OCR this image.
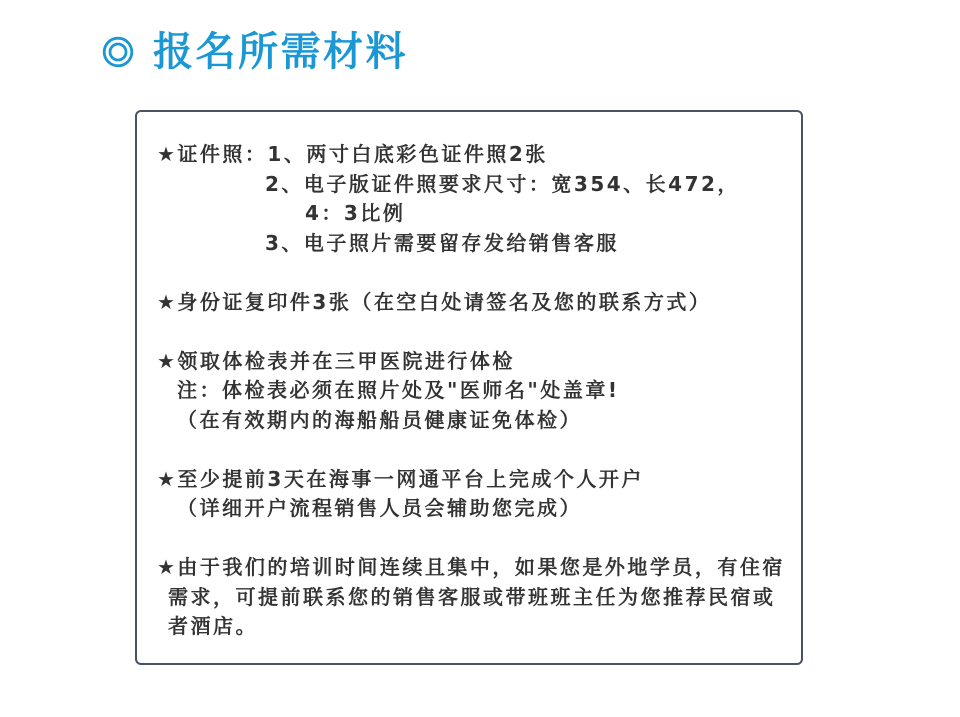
报名所需材料
★证件照：1、两寸白底彩色证件照2张
2、电子版证件照要求尺寸：宽354、长472，
4：3比例
3、电子照片需要留存发给销售客服
★身份证复印件3张（在空白处请签名及您的联系方式）
★领取体检表并在三甲医院进行体检
注：体检表必须在照片处及"医师名"处盖章!
（在有效期内的海船船员健康证免体检）
★至少提前3天在海事一网通平台上完成个人开户
（详细开户流程销售人员会辅助您完成）
★由于我们的培训时间连续且集中，如果您是外地学员，有住宿
需求，可提前联系您的销售客服或带班班主任为您推荐民宿或
者酒店。
